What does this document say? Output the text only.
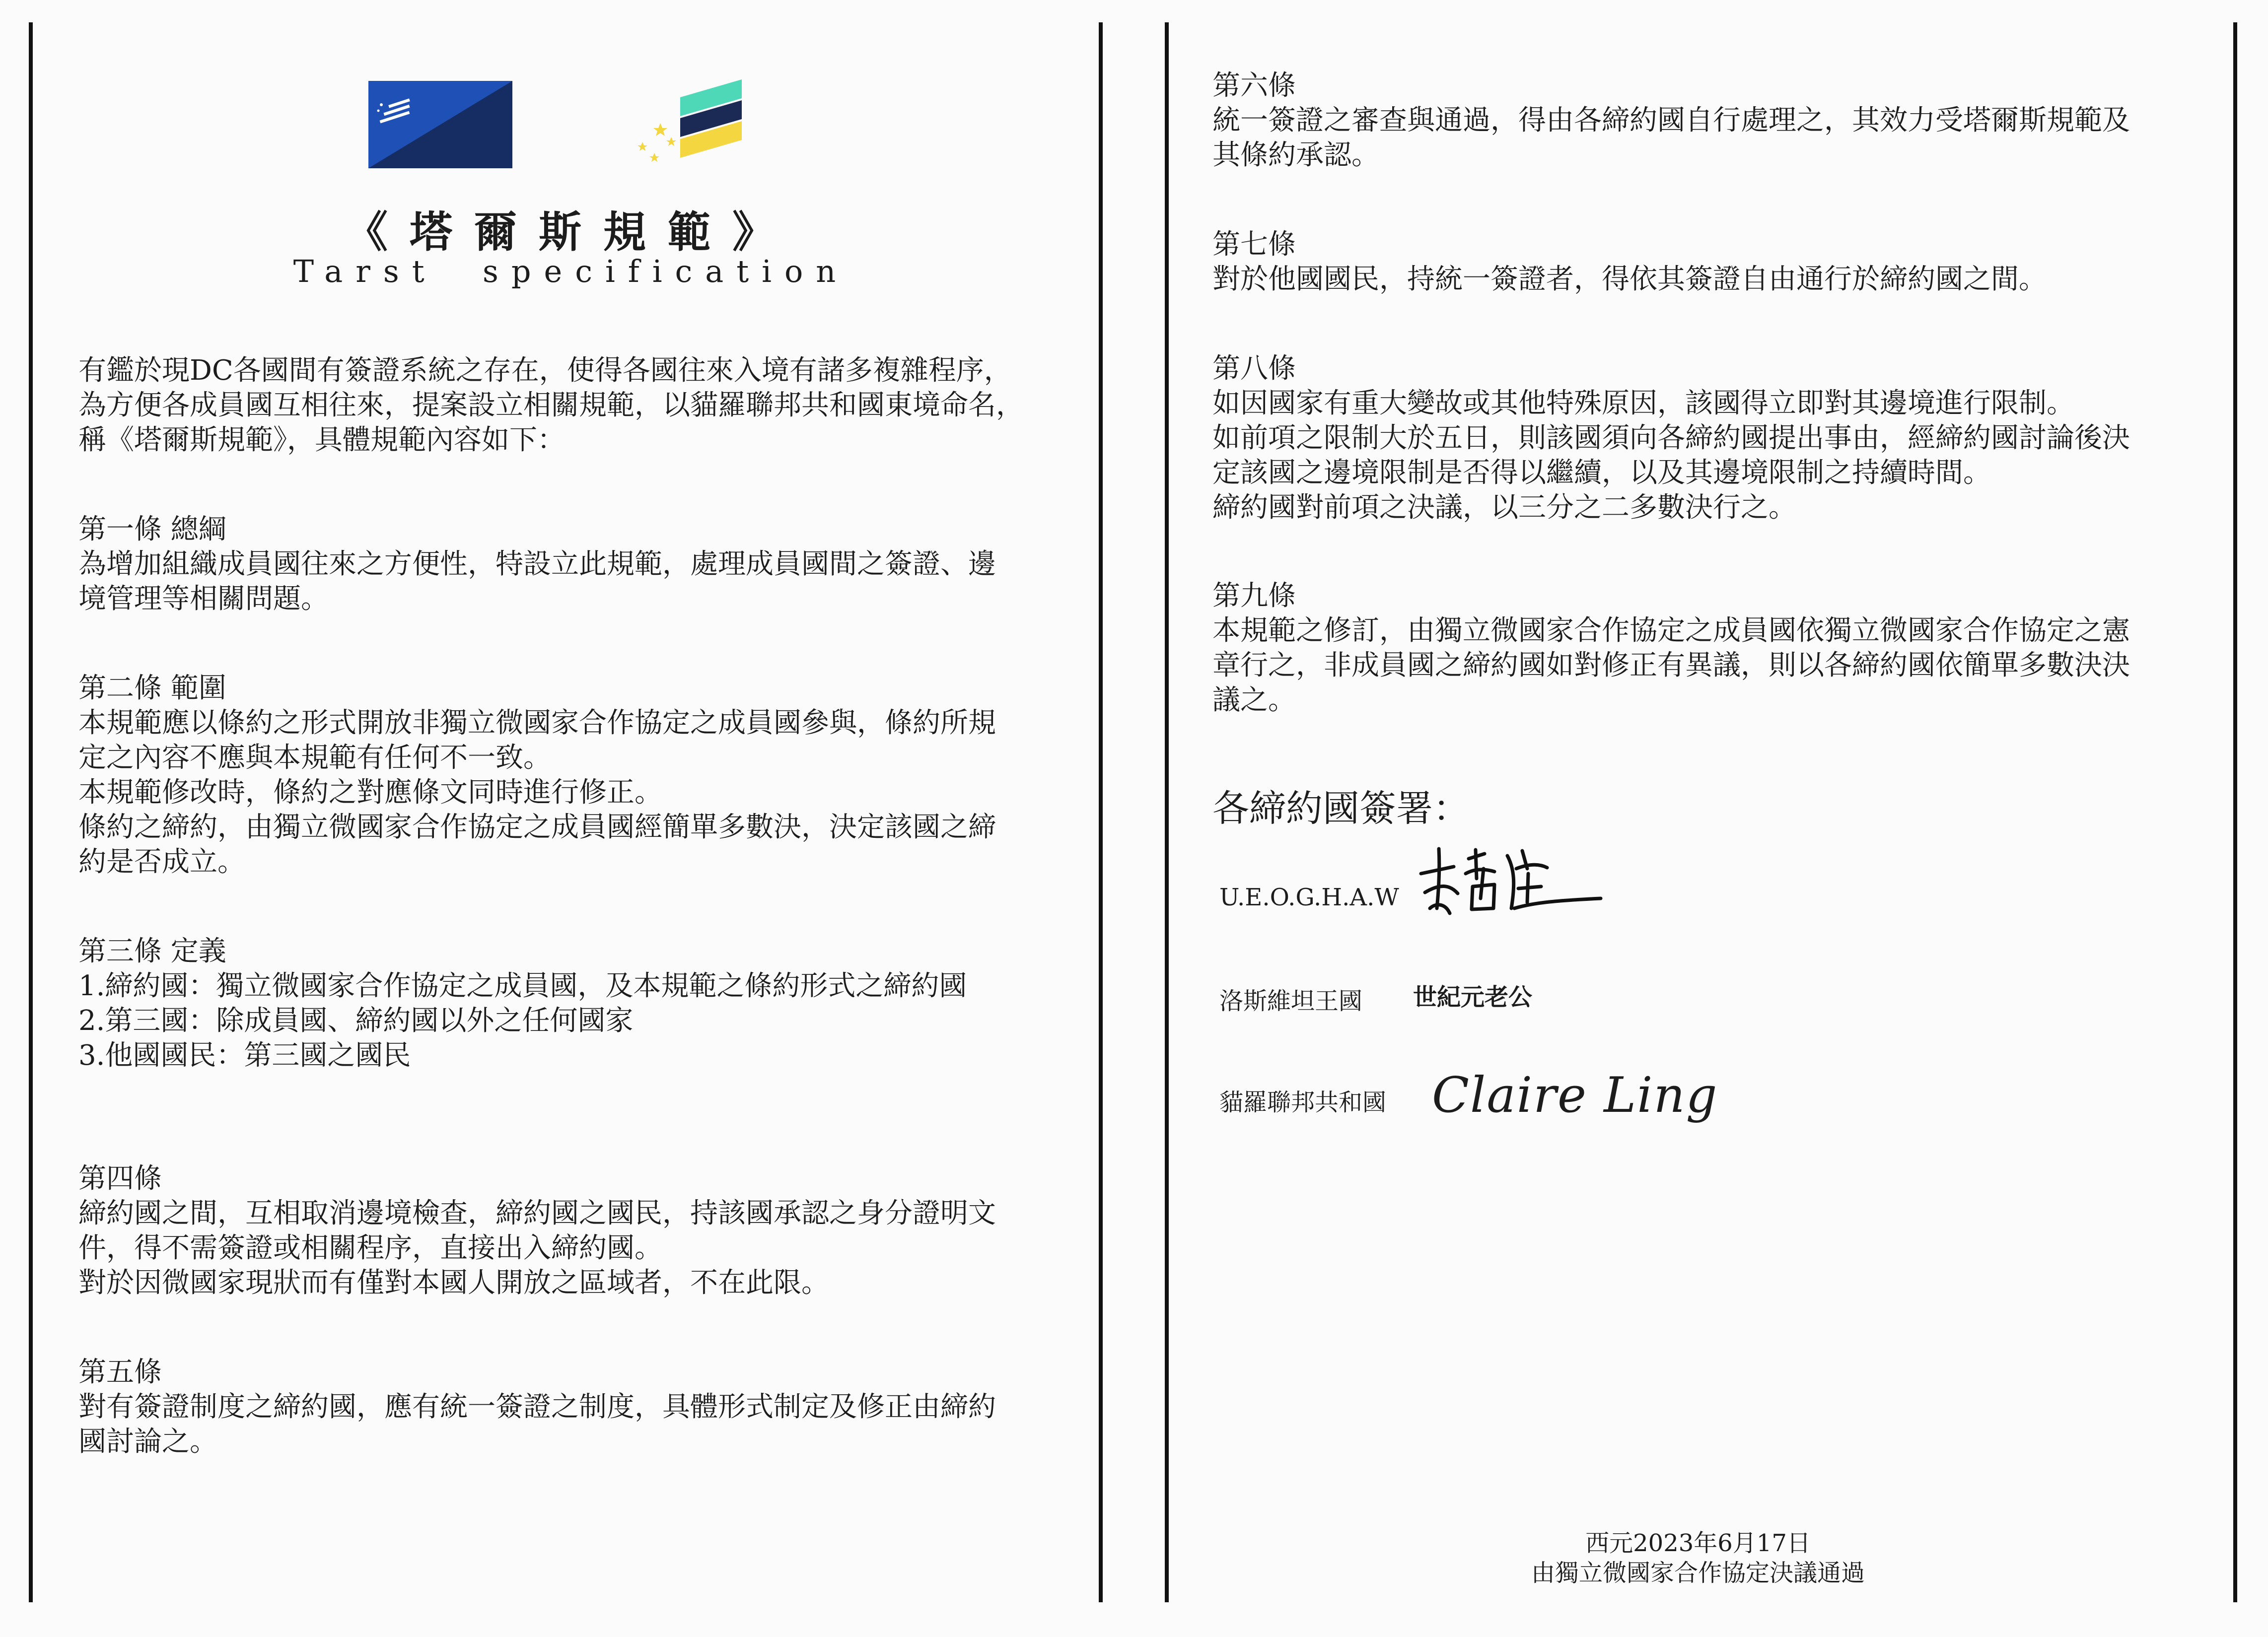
《塔爾斯規範》
Tarst  specification
有鑑於現DC各國間有簽證系統之存在，使得各國往來入境有諸多複雜程序，
為方便各成員國互相往來，提案設立相關規範，以貓羅聯邦共和國東境命名，
稱《塔爾斯規範》，具體規範內容如下：
第一條 總綱
為增加組織成員國往來之方便性，特設立此規範，處理成員國間之簽證、邊
境管理等相關問題。
第二條 範圍
本規範應以條約之形式開放非獨立微國家合作協定之成員國參與，條約所規
定之內容不應與本規範有任何不一致。
本規範修改時，條約之對應條文同時進行修正。
條約之締約，由獨立微國家合作協定之成員國經簡單多數決，決定該國之締
約是否成立。
第三條 定義
1.締約國：獨立微國家合作協定之成員國，及本規範之條約形式之締約國
2.第三國：除成員國、締約國以外之任何國家
3.他國國民：第三國之國民
第四條
締約國之間，互相取消邊境檢查，締約國之國民，持該國承認之身分證明文
件，得不需簽證或相關程序，直接出入締約國。
對於因微國家現狀而有僅對本國人開放之區域者，不在此限。
第五條
對有簽證制度之締約國，應有統一簽證之制度，具體形式制定及修正由締約
國討論之。
第六條
統一簽證之審查與通過，得由各締約國自行處理之，其效力受塔爾斯規範及
其條約承認。
第七條
對於他國國民，持統一簽證者，得依其簽證自由通行於締約國之間。
第八條
如因國家有重大變故或其他特殊原因，該國得立即對其邊境進行限制。
如前項之限制大於五日，則該國須向各締約國提出事由，經締約國討論後決
定該國之邊境限制是否得以繼續，以及其邊境限制之持續時間。
締約國對前項之決議，以三分之二多數決行之。
第九條
本規範之修訂，由獨立微國家合作協定之成員國依獨立微國家合作協定之憲
章行之，非成員國之締約國如對修正有異議，則以各締約國依簡單多數決決
議之。
各締約國簽署：
U.E.O.G.H.A.W
洛斯維坦王國 世紀元老公
貓羅聯邦共和國 Claire Ling
西元2023年6月17日
由獨立微國家合作協定決議通過
